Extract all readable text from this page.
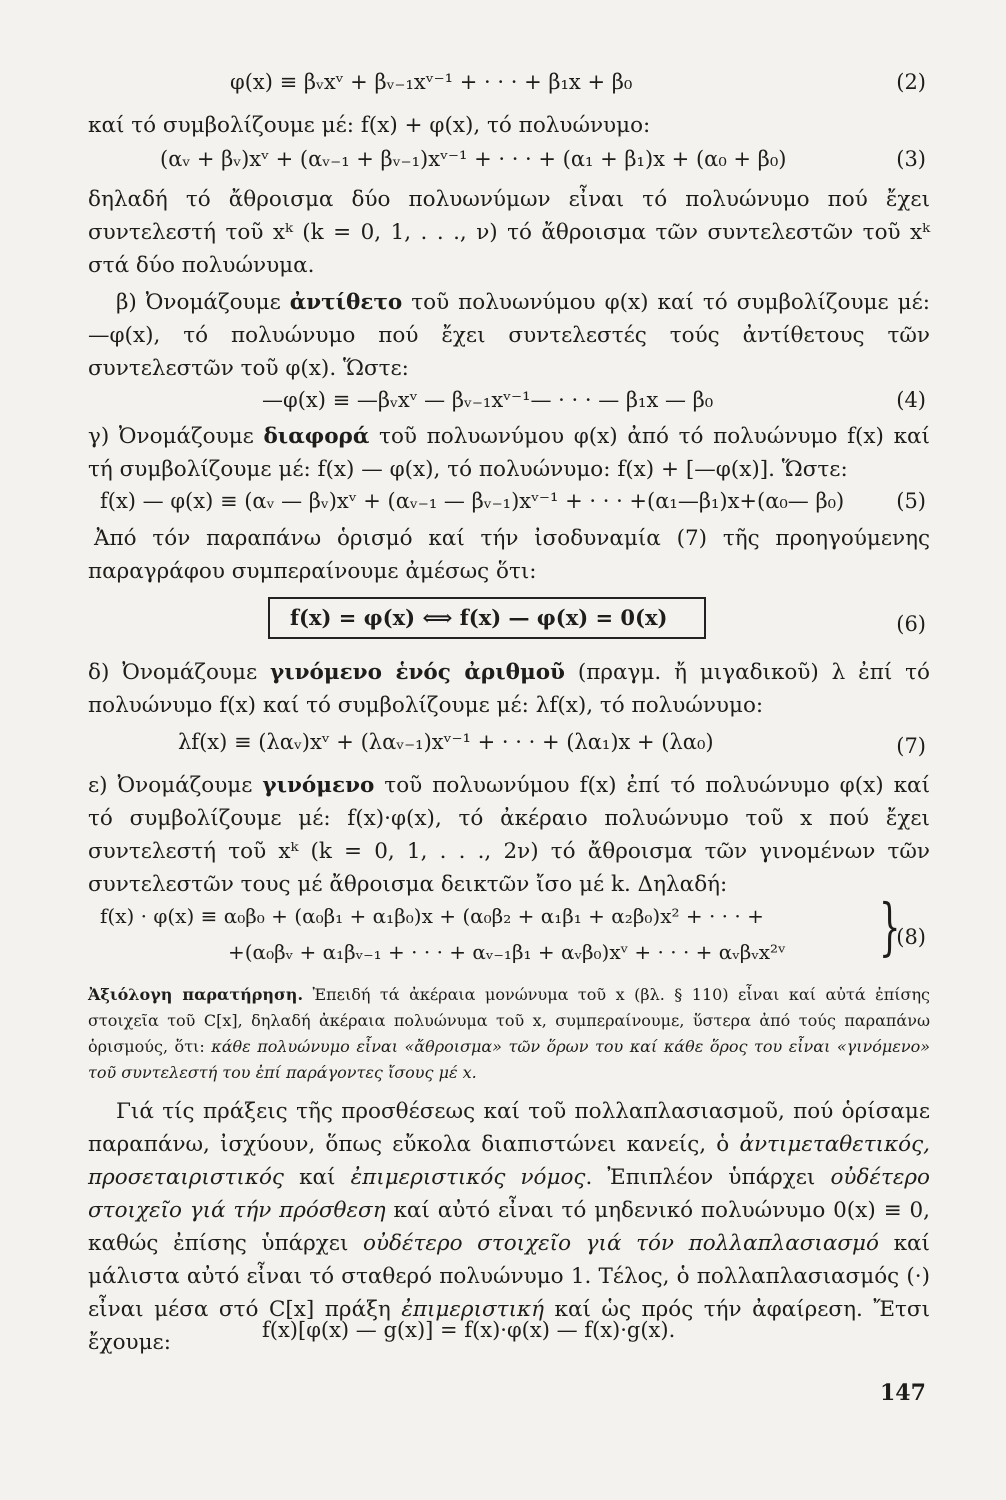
φ(x) ≡ βᵥxᵛ + βᵥ₋₁xᵛ⁻¹ + · · · + β₁x + β₀	(2)
καί τό συμβολίζουμε μέ: f(x) + φ(x), τό πολυώνυμο:
(αᵥ + βᵥ)xᵛ + (αᵥ₋₁ + βᵥ₋₁)xᵛ⁻¹ + · · · + (α₁ + β₁)x + (α₀ + β₀)	(3)
δηλαδή τό ἄθροισμα δύο πολυωνύμων εἶναι τό πολυώνυμο πού ἔχει συντελεστή τοῦ xᵏ (k = 0, 1, . . ., ν) τό ἄθροισμα τῶν συντελεστῶν τοῦ xᵏ στά δύο πολυώνυμα.
β) Ὀνομάζουμε ἀντίθετο τοῦ πολυωνύμου φ(x) καί τό συμβολίζουμε μέ: —φ(x), τό πολυώνυμο πού ἔχει συντελεστές τούς ἀντίθετους τῶν συντελεστῶν τοῦ φ(x). Ὥστε:
—φ(x) ≡ —βᵥxᵛ — βᵥ₋₁xᵛ⁻¹— · · · — β₁x — β₀	(4)
γ) Ὀνομάζουμε διαφορά τοῦ πολυωνύμου φ(x) ἀπό τό πολυώνυμο f(x) καί τή συμβολίζουμε μέ: f(x) — φ(x), τό πολυώνυμο: f(x) + [—φ(x)]. Ὥστε:
f(x) — φ(x) ≡ (αᵥ — βᵥ)xᵛ + (αᵥ₋₁ — βᵥ₋₁)xᵛ⁻¹ + · · · +(α₁—β₁)x+(α₀— β₀) (5)
Ἀπό τόν παραπάνω ὁρισμό καί τήν ἰσοδυναμία (7) τῆς προηγούμενης παραγράφου συμπεραίνουμε ἀμέσως ὅτι:
f(x) = φ(x) ⟺ f(x) — φ(x) = 0(x)	(6)
δ) Ὀνομάζουμε γινόμενο ἑνός ἀριθμοῦ (πραγμ. ἤ μιγαδικοῦ) λ ἐπί τό πολυώνυμο f(x) καί τό συμβολίζουμε μέ: λf(x), τό πολυώνυμο:
λf(x) ≡ (λαᵥ)xᵛ + (λαᵥ₋₁)xᵛ⁻¹ + · · · + (λα₁)x + (λα₀)	(7)
ε) Ὀνομάζουμε γινόμενο τοῦ πολυωνύμου f(x) ἐπί τό πολυώνυμο φ(x) καί τό συμβολίζουμε μέ: f(x)·φ(x), τό ἀκέραιο πολυώνυμο τοῦ x πού ἔχει συντελεστή τοῦ xᵏ (k = 0, 1, . . ., 2ν) τό ἄθροισμα τῶν γινομένων τῶν συντελεστῶν τους μέ ἄθροισμα δεικτῶν ἴσο μέ k. Δηλαδή:
f(x) · φ(x) ≡ α₀β₀ + (α₀β₁ + α₁β₀)x + (α₀β₂ + α₁β₁ + α₂β₀)x² + · · · +
+(α₀βᵥ + α₁βᵥ₋₁ + · · · + αᵥ₋₁β₁ + αᵥβ₀)xᵛ + · · · + αᵥβᵥx²ᵛ }
(8)
Ἀξιόλογη παρατήρηση. Ἐπειδή τά ἀκέραια μονώνυμα τοῦ x (βλ. § 110) εἶναι καί αὐτά ἐπίσης στοιχεῖα τοῦ C[x], δηλαδή ἀκέραια πολυώνυμα τοῦ x, συμπεραίνουμε, ὕστερα ἀπό τούς παραπάνω ὁρισμούς, ὅτι: κάθε πολυώνυμο εἶναι «ἄθροισμα» τῶν ὅρων του καί κάθε ὅρος του εἶναι «γινόμενο» τοῦ συντελεστή του ἐπί παράγοντες ἴσους μέ x.
Γιά τίς πράξεις τῆς προσθέσεως καί τοῦ πολλαπλασιασμοῦ, πού ὁρίσαμε παραπάνω, ἰσχύουν, ὅπως εὔκολα διαπιστώνει κανείς, ὁ ἀντιμεταθετικός, προσεταιριστικός καί ἐπιμεριστικός νόμος. Ἐπιπλέον ὑπάρχει οὐδέτερο στοιχεῖο γιά τήν πρόσθεση καί αὐτό εἶναι τό μηδενικό πολυώνυμο 0(x) ≡ 0, καθώς ἐπίσης ὑπάρχει οὐδέτερο στοιχεῖο γιά τόν πολλαπλασιασμό καί μάλιστα αὐτό εἶναι τό σταθερό πολυώνυμο 1. Τέλος, ὁ πολλαπλασιασμός (·) εἶναι μέσα στό C[x] πράξη ἐπιμεριστική καί ὡς πρός τήν ἀφαίρεση. Ἔτσι ἔχουμε:	f(x)[φ(x) — g(x)] = f(x)·φ(x) — f(x)·g(x).
147
